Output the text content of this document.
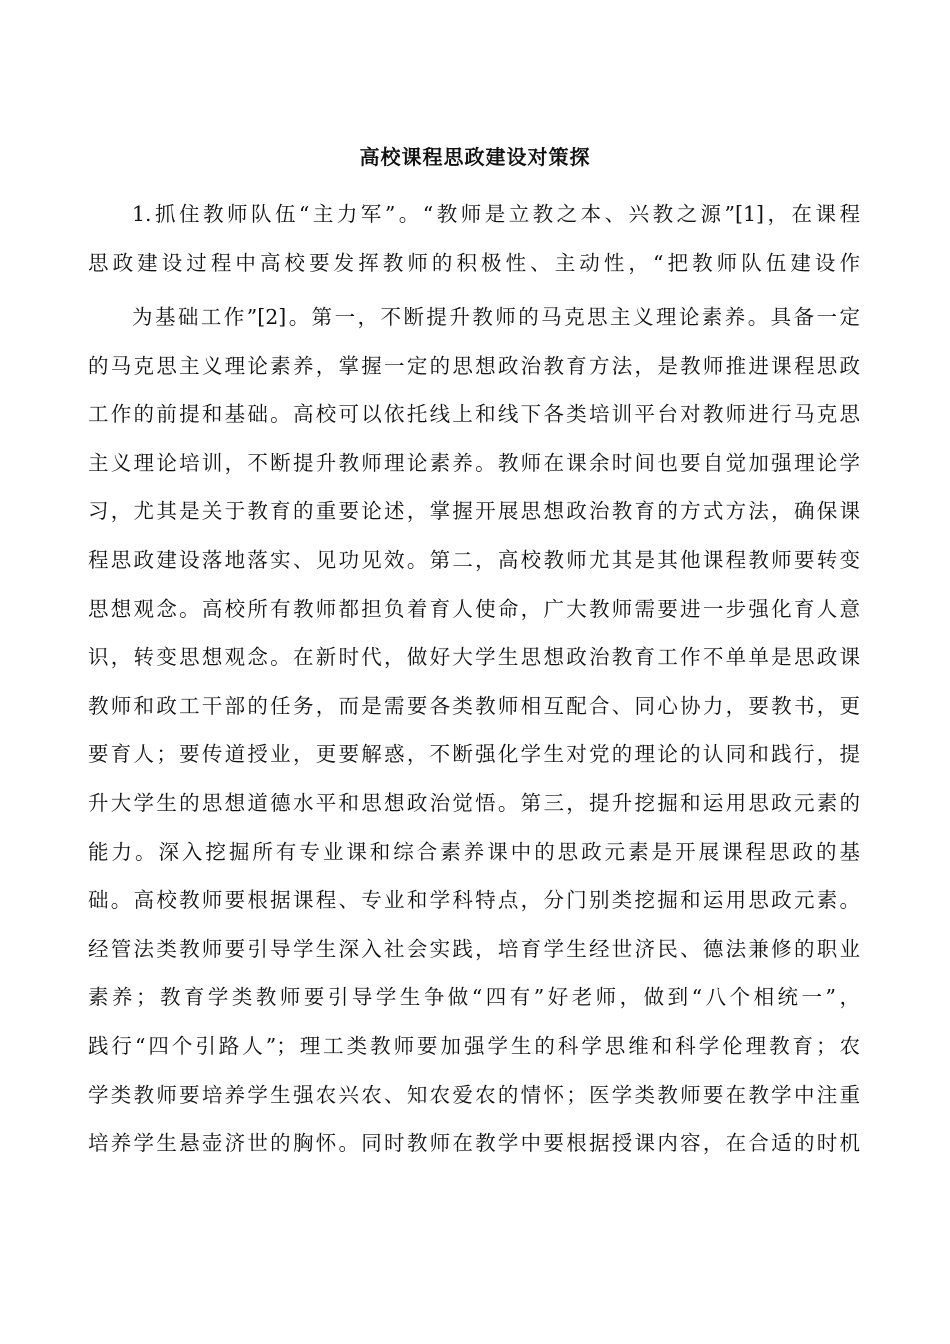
高校课程思政建设对策探
1.抓住教师队伍“主力军”。“教师是立教之本、兴教之源”[1]，在课程
思政建设过程中高校要发挥教师的积极性、主动性，“把教师队伍建设作
为基础工作”[2]。第一，不断提升教师的马克思主义理论素养。具备一定
的马克思主义理论素养，掌握一定的思想政治教育方法，是教师推进课程思政
工作的前提和基础。高校可以依托线上和线下各类培训平台对教师进行马克思
主义理论培训，不断提升教师理论素养。教师在课余时间也要自觉加强理论学
习，尤其是关于教育的重要论述，掌握开展思想政治教育的方式方法，确保课
程思政建设落地落实、见功见效。第二，高校教师尤其是其他课程教师要转变
思想观念。高校所有教师都担负着育人使命，广大教师需要进一步强化育人意
识，转变思想观念。在新时代，做好大学生思想政治教育工作不单单是思政课
教师和政工干部的任务，而是需要各类教师相互配合、同心协力，要教书，更
要育人；要传道授业，更要解惑，不断强化学生对党的理论的认同和践行，提
升大学生的思想道德水平和思想政治觉悟。第三，提升挖掘和运用思政元素的
能力。深入挖掘所有专业课和综合素养课中的思政元素是开展课程思政的基
础。高校教师要根据课程、专业和学科特点，分门别类挖掘和运用思政元素。
经管法类教师要引导学生深入社会实践，培育学生经世济民、德法兼修的职业
素养；教育学类教师要引导学生争做“四有”好老师，做到“八个相统一”，
践行“四个引路人”；理工类教师要加强学生的科学思维和科学伦理教育；农
学类教师要培养学生强农兴农、知农爱农的情怀；医学类教师要在教学中注重
培养学生悬壶济世的胸怀。同时教师在教学中要根据授课内容，在合适的时机
